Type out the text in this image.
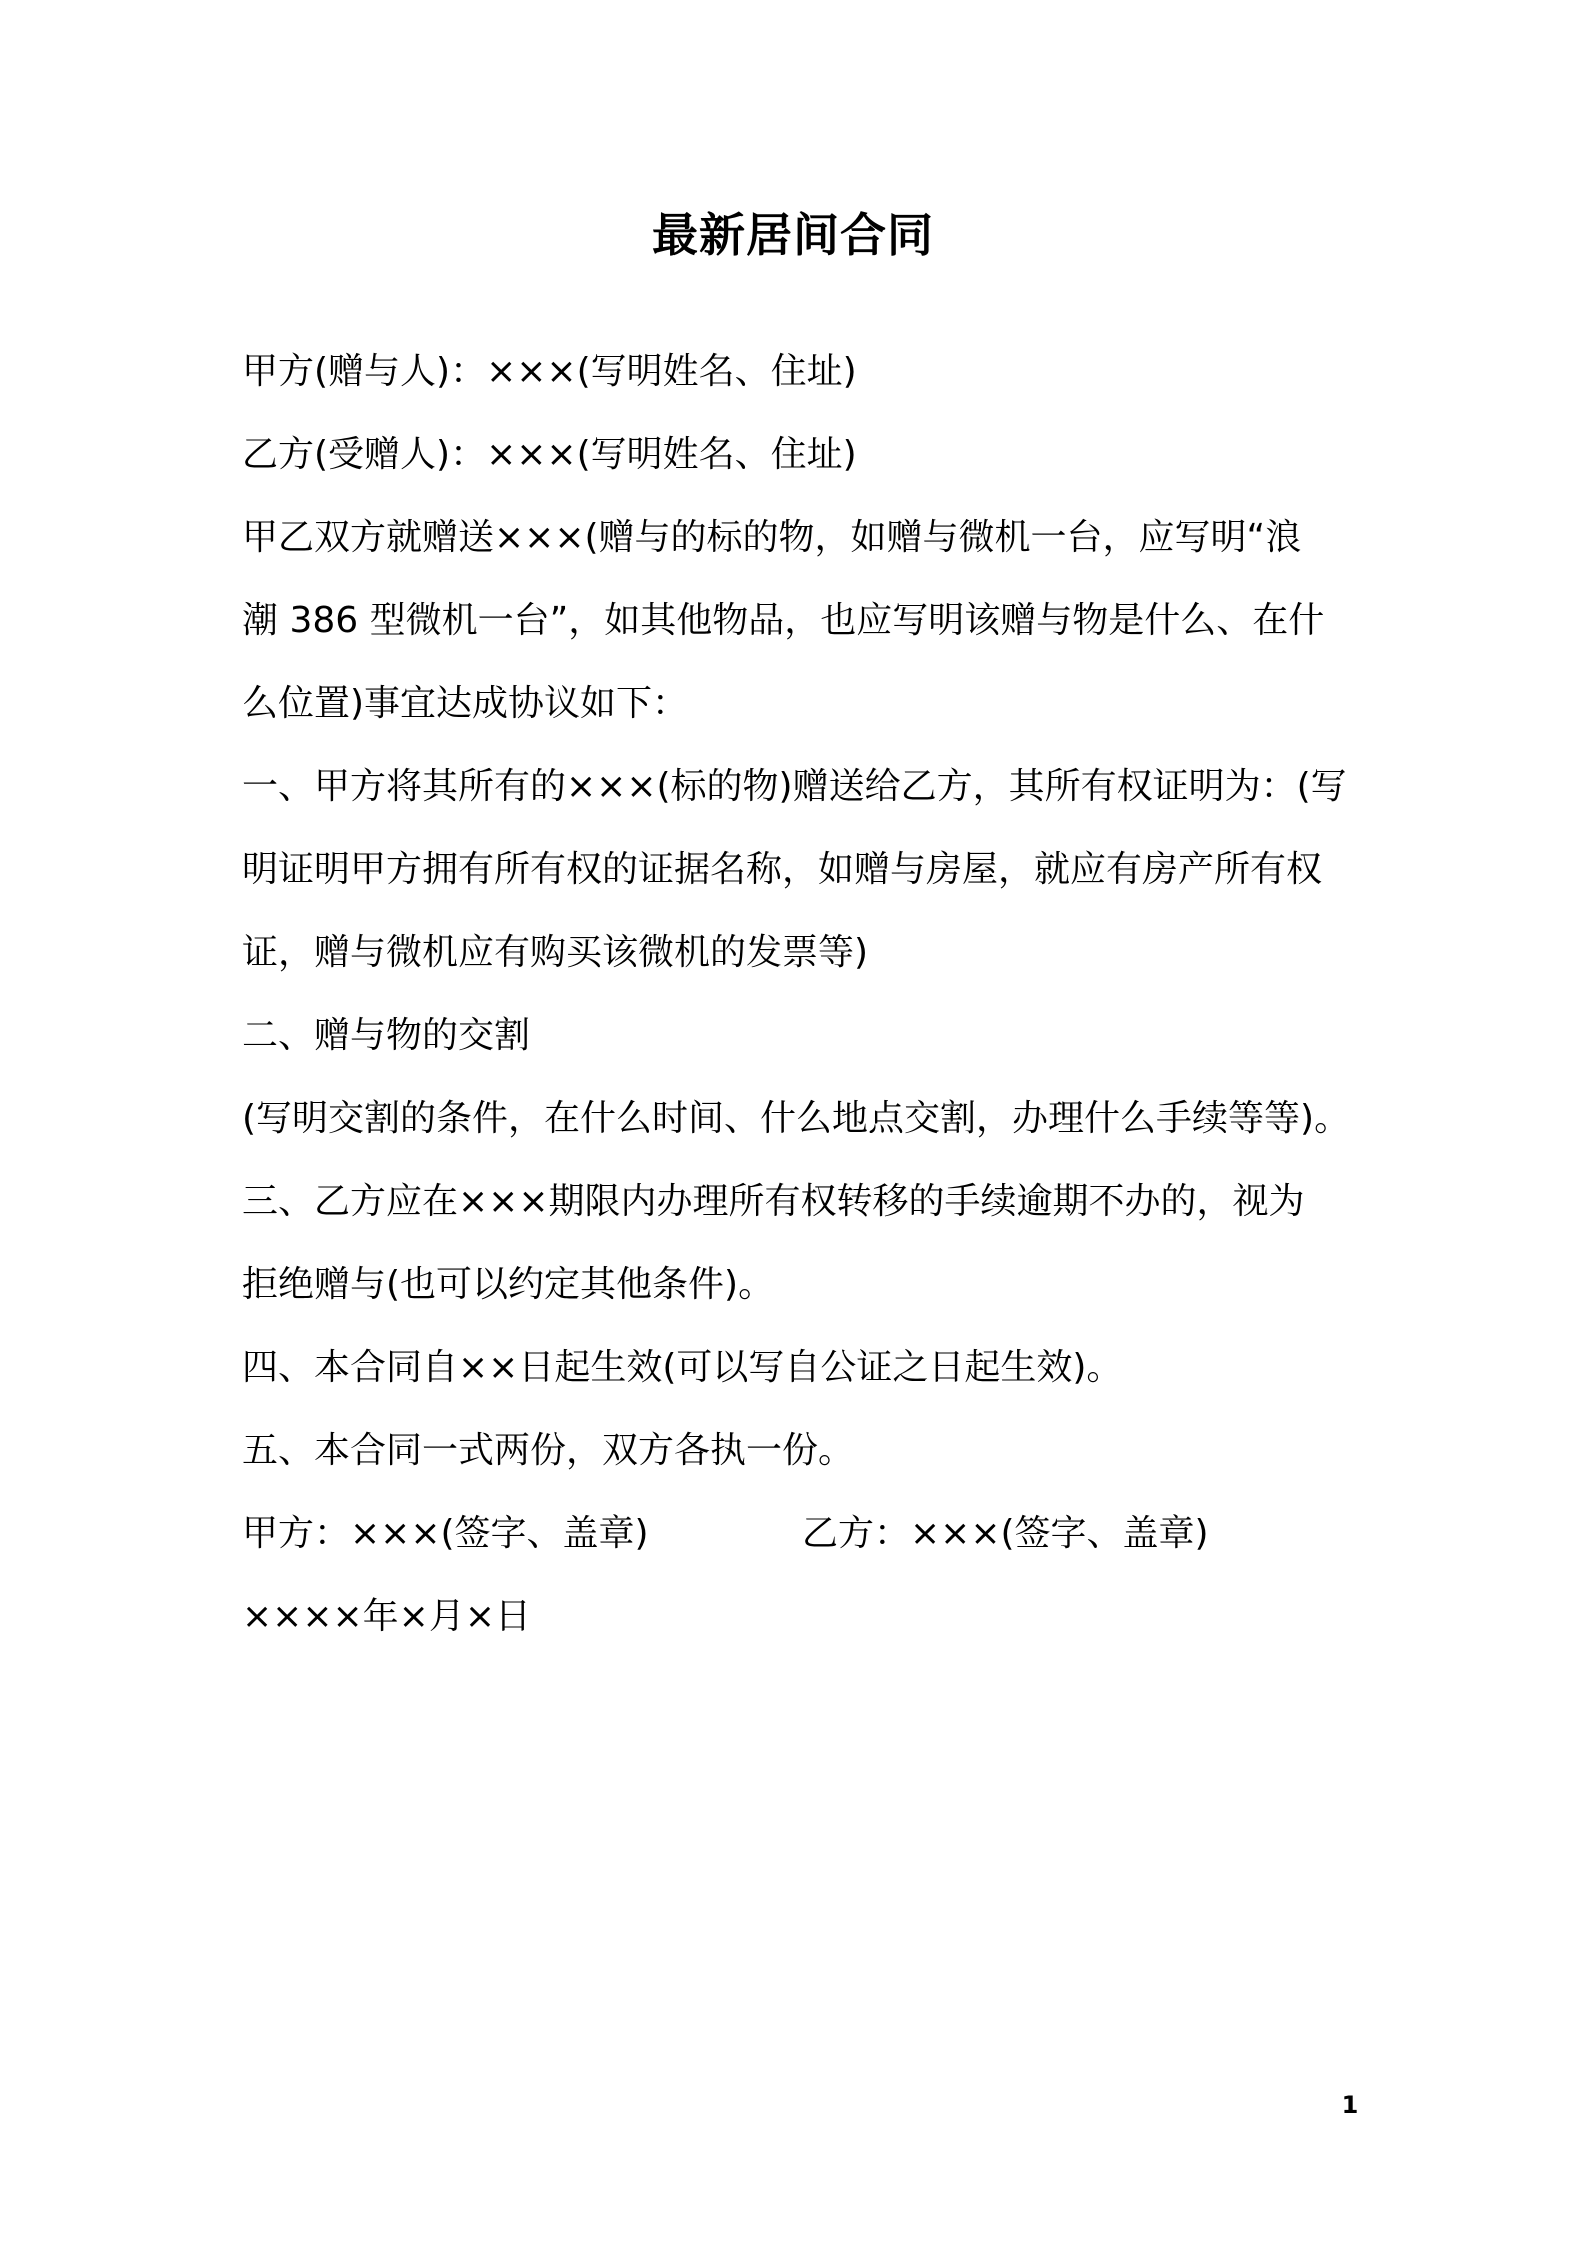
最新居间合同

甲方(赠与人)：×××(写明姓名、住址)

乙方(受赠人)：×××(写明姓名、住址)

甲乙双方就赠送×××(赠与的标的物，如赠与微机一台，应写明“浪

潮 386 型微机一台”，如其他物品，也应写明该赠与物是什么、在什

么位置)事宜达成协议如下：

一、甲方将其所有的×××(标的物)赠送给乙方，其所有权证明为：(写

明证明甲方拥有所有权的证据名称，如赠与房屋，就应有房产所有权

证，赠与微机应有购买该微机的发票等)

二、赠与物的交割

(写明交割的条件，在什么时间、什么地点交割，办理什么手续等等)。

三、乙方应在×××期限内办理所有权转移的手续逾期不办的，视为

拒绝赠与(也可以约定其他条件)。

四、本合同自××日起生效(可以写自公证之日起生效)。

五、本合同一式两份，双方各执一份。

甲方：×××(签字、盖章)	乙方：×××(签字、盖章)

××××年×月×日

1
